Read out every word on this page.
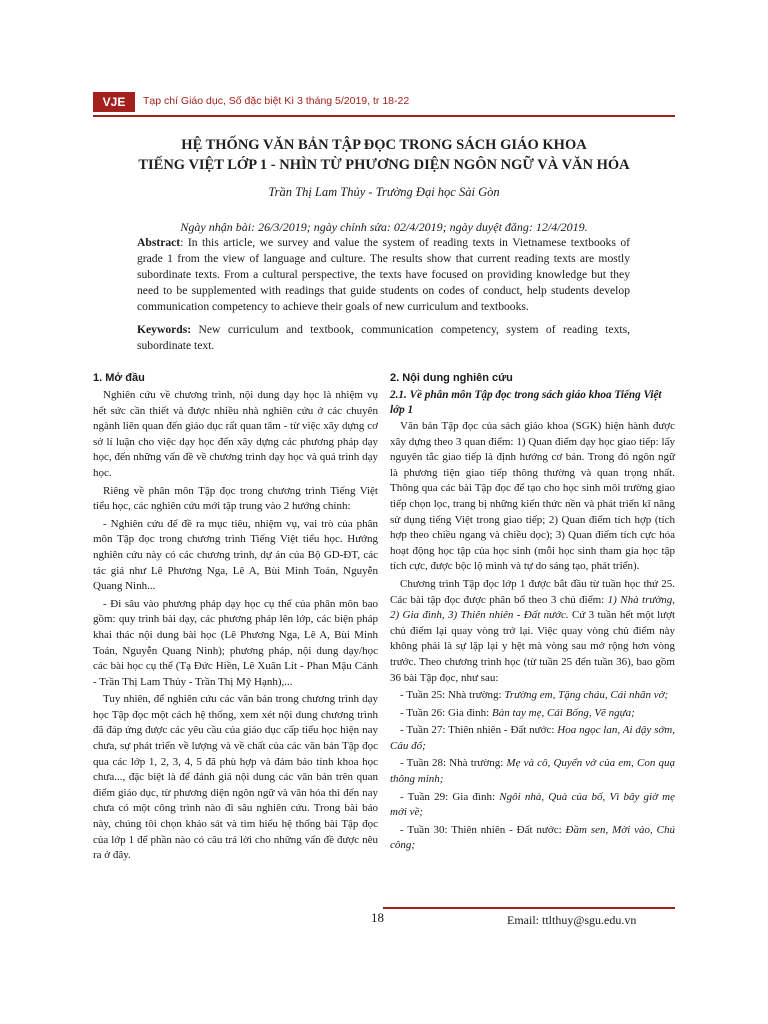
VJE	Tạp chí Giáo dục, Số đặc biệt Kì 3 tháng 5/2019, tr 18-22
HỆ THỐNG VĂN BẢN TẬP ĐỌC TRONG SÁCH GIÁO KHOA
TIẾNG VIỆT LỚP 1 - NHÌN TỪ PHƯƠNG DIỆN NGÔN NGỮ VÀ VĂN HÓA
Trần Thị Lam Thủy - Trường Đại học Sài Gòn
Ngày nhận bài: 26/3/2019; ngày chỉnh sửa: 02/4/2019; ngày duyệt đăng: 12/4/2019.
Abstract: In this article, we survey and value the system of reading texts in Vietnamese textbooks of grade 1 from the view of language and culture. The results show that current reading texts are mostly subordinate texts. From a cultural perspective, the texts have focused on providing knowledge but they need to be supplemented with readings that guide students on codes of conduct, help students develop communication competency to achieve their goals of new curriculum and textbooks.
Keywords: New curriculum and textbook, communication competency, system of reading texts, subordinate text.
1. Mở đầu

Nghiên cứu về chương trình, nội dung dạy học là nhiệm vụ hết sức cần thiết và được nhiều nhà nghiên cứu ở các chuyên ngành liên quan đến giáo dục rất quan tâm - từ việc xây dựng cơ sở lí luận cho việc dạy học đến xây dựng các phương pháp dạy học, đến những vấn đề về chương trình dạy học và quá trình dạy học.

Riêng về phân môn Tập đọc trong chương trình Tiếng Việt tiểu học, các nghiên cứu mới tập trung vào 2 hướng chính:

- Nghiên cứu để đề ra mục tiêu, nhiệm vụ, vai trò của phân môn Tập đọc trong chương trình Tiếng Việt tiểu học. Hướng nghiên cứu này có các chương trình, dự án của Bộ GD-ĐT, các tác giả như Lê Phương Nga, Lê A, Bùi Minh Toán, Nguyễn Quang Ninh...

- Đi sâu vào phương pháp dạy học cụ thể của phân môn bao gồm: quy trình bài dạy, các phương pháp lên lớp, các biện pháp khai thác nội dung bài học (Lê Phương Nga, Lê A, Bùi Minh Toán, Nguyễn Quang Ninh); phương pháp, nội dung dạy/học các bài học cụ thể (Tạ Đức Hiền, Lê Xuân Lít - Phan Mậu Cảnh - Trần Thị Lam Thủy - Trần Thị Mỹ Hạnh),...

Tuy nhiên, để nghiên cứu các văn bản trong chương trình dạy học Tập đọc một cách hệ thống, xem xét nội dung chương trình đã đáp ứng được các yêu cầu của giáo dục cấp tiểu học hiện nay chưa, sự phát triển về lượng và về chất của các văn bản Tập đọc qua các lớp 1, 2, 3, 4, 5 đã phù hợp và đảm bảo tính khoa học chưa..., đặc biệt là để đánh giá nội dung các văn bản trên quan điểm giáo dục, từ phương diện ngôn ngữ và văn hóa thì đến nay chưa có một công trình nào đi sâu nghiên cứu. Trong bài báo này, chúng tôi chọn khảo sát và tìm hiểu hệ thống bài Tập đọc của lớp 1 để phần nào có câu trả lời cho những vấn đề được nêu ra ở đây.

2. Nội dung nghiên cứu
2.1. Về phân môn Tập đọc trong sách giáo khoa Tiếng Việt lớp 1

Văn bản Tập đọc của sách giáo khoa (SGK) hiện hành được xây dựng theo 3 quan điểm: 1) Quan điểm dạy học giao tiếp: lấy nguyên tắc giao tiếp là định hướng cơ bản. Trong đó ngôn ngữ là phương tiện giao tiếp thông thường và quan trọng nhất. Thông qua các bài Tập đọc để tạo cho học sinh môi trường giao tiếp chọn lọc, trang bị những kiến thức nền và phát triển kĩ năng sử dụng tiếng Việt trong giao tiếp; 2) Quan điểm tích hợp (tích hợp theo chiều ngang và chiều dọc); 3) Quan điểm tích cực hóa hoạt động học tập của học sinh (mỗi học sinh tham gia học tập tích cực, được bộc lộ mình và tự do sáng tạo, phát triển).

Chương trình Tập đọc lớp 1 được bắt đầu từ tuần học thứ 25. Các bài tập đọc được phân bổ theo 3 chủ điểm: 1) Nhà trường, 2) Gia đình, 3) Thiên nhiên - Đất nước. Cứ 3 tuần hết một lượt chủ điểm lại quay vòng trở lại. Việc quay vòng chủ điểm này không phải là sự lặp lại y hệt mà vòng sau mở rộng hơn vòng trước. Theo chương trình học (từ tuần 25 đến tuần 36), bao gồm 36 bài Tập đọc, như sau:

- Tuần 25: Nhà trường: Trường em, Tặng cháu, Cái nhãn vở;

- Tuần 26: Gia đình: Bàn tay mẹ, Cái Bống, Vẽ ngựa;

- Tuần 27: Thiên nhiên - Đất nước: Hoa ngọc lan, Ai dậy sớm, Câu đố;

- Tuần 28: Nhà trường: Mẹ và cô, Quyển vở của em, Con quạ thông minh;

- Tuần 29: Gia đình: Ngôi nhà, Quà của bố, Vì bây giờ mẹ mới về;

- Tuần 30: Thiên nhiên - Đất nước: Đầm sen, Mời vào, Chú công;

18	Email: ttlthuy@sgu.edu.vn
